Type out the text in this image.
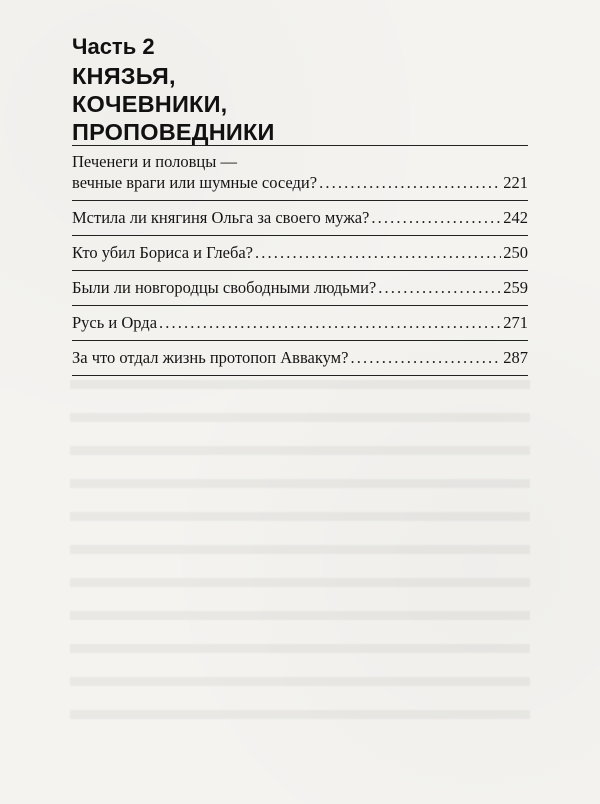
Часть 2
КНЯЗЬЯ,
КОЧЕВНИКИ,
ПРОПОВЕДНИКИ
Печенеги и половцы —
вечные враги или шумные соседи? . . .	221
Мстила ли княгиня Ольга за своего мужа? . . .	242
Кто убил Бориса и Глеба? . . .	250
Были ли новгородцы свободными людьми? . . .	259
Русь и Орда . . .	271
За что отдал жизнь протопоп Аввакум? . . .	287
